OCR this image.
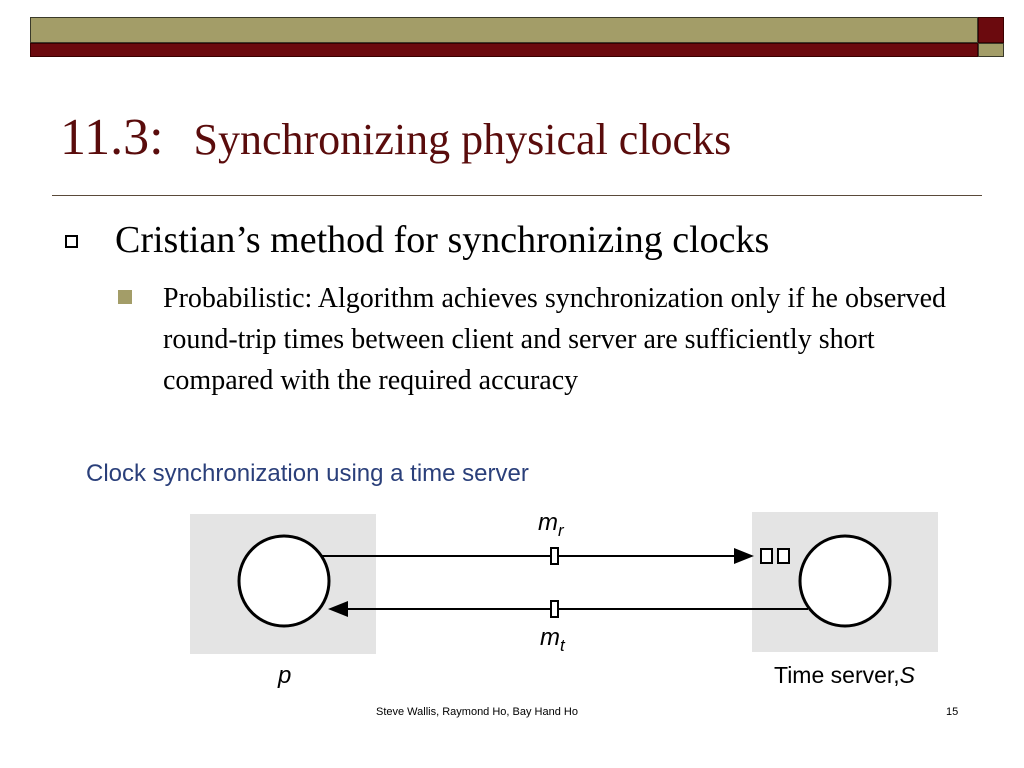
11.3: Synchronizing physical clocks
Cristian’s method for synchronizing clocks
Probabilistic: Algorithm achieves synchronization only if he observed round-trip times between client and server are sufficiently short compared with the required accuracy
Clock synchronization using a time server
$m_r$
$m_t$
p	Time server,S
Steve Wallis, Raymond Ho, Bay Hand Ho	15
